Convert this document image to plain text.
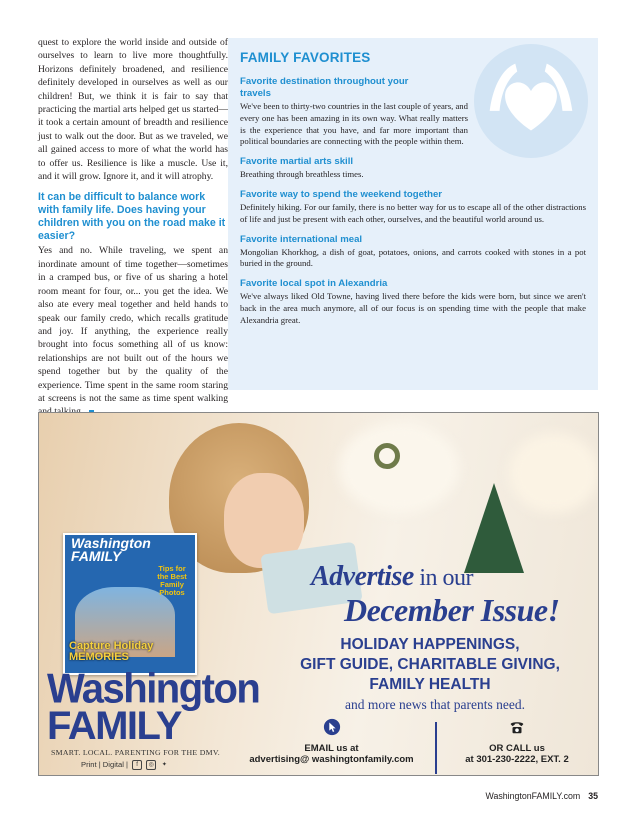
quest to explore the world inside and outside of ourselves to learn to live more thoughtfully. Horizons definitely broadened, and resilience definitely developed in ourselves as well as our children! But, we think it is fair to say that practicing the martial arts helped get us started—it took a certain amount of breadth and resilience just to walk out the door. But as we traveled, we all gained access to more of what the world has to offer us. Resilience is like a muscle. Use it, and it will grow. Ignore it, and it will atrophy.

It can be difficult to balance work with family life. Does having your children with you on the road make it easier?

Yes and no. While traveling, we spent an inordinate amount of time together—sometimes in a cramped bus, or five of us sharing a hotel room meant for four, or... you get the idea. We also ate every meal together and held hands to speak our family credo, which recalls gratitude and joy. If anything, the experience really brought into focus something all of us know: relationships are not built out of the hours we spend together but by the quality of the experience. Time spent in the same room staring at screens is not the same as time spent walking

FAMILY FAVORITES
Favorite destination throughout your travels

We've been to thirty-two countries in the last couple of years, and every one has been amazing in its own way. What really matters is the experience that you have, and far more important than political boundaries are connecting with the people within them.

Favorite martial arts skill

Breathing through breathless times.

Favorite way to spend the weekend together

Definitely hiking. For our family, there is no better way for us to escape all of the other distractions of life and just be present with each other, ourselves, and the beautiful world around us.

Favorite international meal

Mongolian Khorkhog, a dish of goat, potatoes, onions, and carrots cooked with stones in a pot buried in the ground.

Favorite local spot in Alexandria

We've always liked Old Towne, having lived there before the kids were born, but since we aren't back in the area much anymore, all of our focus is on spending time with the people that make Alexandria great.

Washington FAMILY
Tips for the Best Family Photos
Capture Holiday MEMORIES
Advertise in our
December Issue!
HOLIDAY HAPPENINGS,
GIFT GUIDE, CHARITABLE GIVING,
FAMILY HEALTH
and more news that parents need.
Washington
FAMILY
SMART. LOCAL. PARENTING FOR THE DMV.
Print | Digital | f ◎ ✦
EMAIL us at
advertising@ washingtonfamily.com
OR CALL us
at 301-230-2222, EXT. 2
WashingtonFAMILY.com 35
